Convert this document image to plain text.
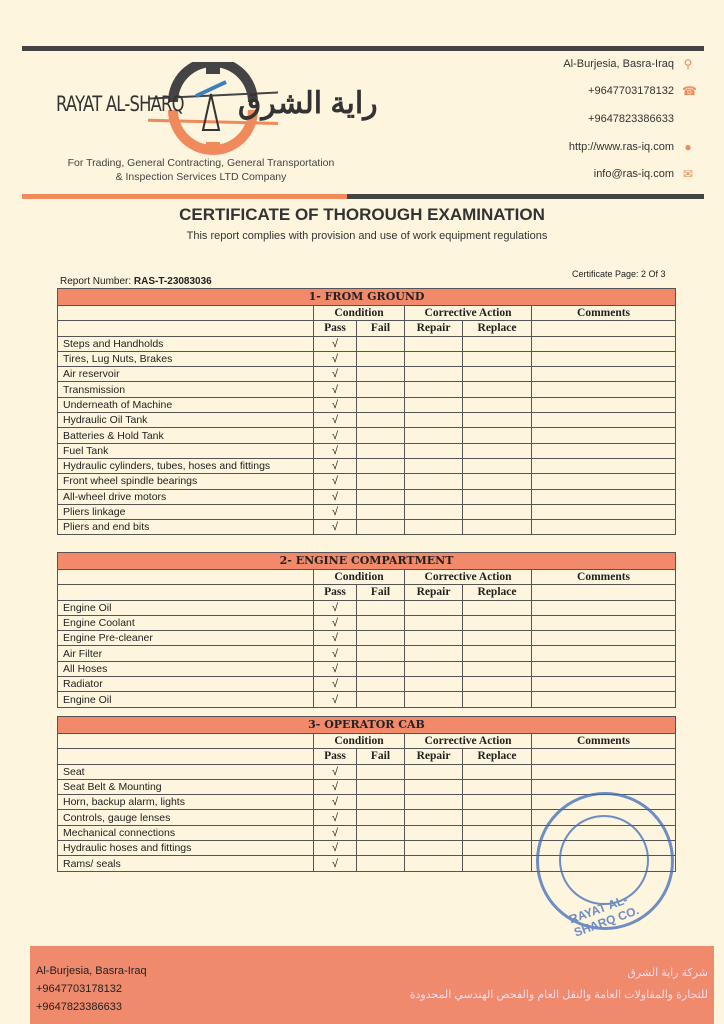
RAYAT AL-SHARQ راية الشرق
For Trading, General Contracting, General Transportation
& Inspection Services LTD Company
Al-Burjesia, Basra-Iraq ⚲
+9647703178132 ☎
+9647823386633
http://www.ras-iq.com ●
info@ras-iq.com ✉
CERTIFICATE OF THOROUGH EXAMINATION
This report complies with provision and use of work equipment regulations
Report Number: RAS-T-23083036
Certificate Page: 2 Of 3
1- FROM GROUND					
	Condition		Corrective Action		Comments
	Pass	Fail	Repair	Replace	
Steps and Handholds	√				
Tires, Lug Nuts, Brakes	√				
Air reservoir	√				
Transmission	√				
Underneath of Machine	√				
Hydraulic Oil Tank	√				
Batteries & Hold Tank	√				
Fuel Tank	√				
Hydraulic cylinders, tubes, hoses and fittings	√				
Front wheel spindle bearings	√				
All-wheel drive motors	√				
Pliers linkage	√				
Pliers and end bits	√				
2- ENGINE COMPARTMENT					
	Condition		Corrective Action		Comments
	Pass	Fail	Repair	Replace	
Engine Oil	√				
Engine Coolant	√				
Engine Pre-cleaner	√				
Air Filter	√				
All Hoses	√				
Radiator	√				
Engine Oil	√				
3- OPERATOR CAB					
	Condition		Corrective Action		Comments
	Pass	Fail	Repair	Replace	
Seat	√				
Seat Belt & Mounting	√				
Horn, backup alarm, lights	√				
Controls, gauge lenses	√				
Mechanical connections	√				
Hydraulic hoses and fittings	√				
Rams/ seals	√				
RAYAT AL-SHARQ CO.
Al-Burjesia, Basra-Iraq
+9647703178132
+9647823386633
شركة راية الشرق
للتجارة والمقاولات العامة والنقل العام والفحص الهندسي المحدودة
